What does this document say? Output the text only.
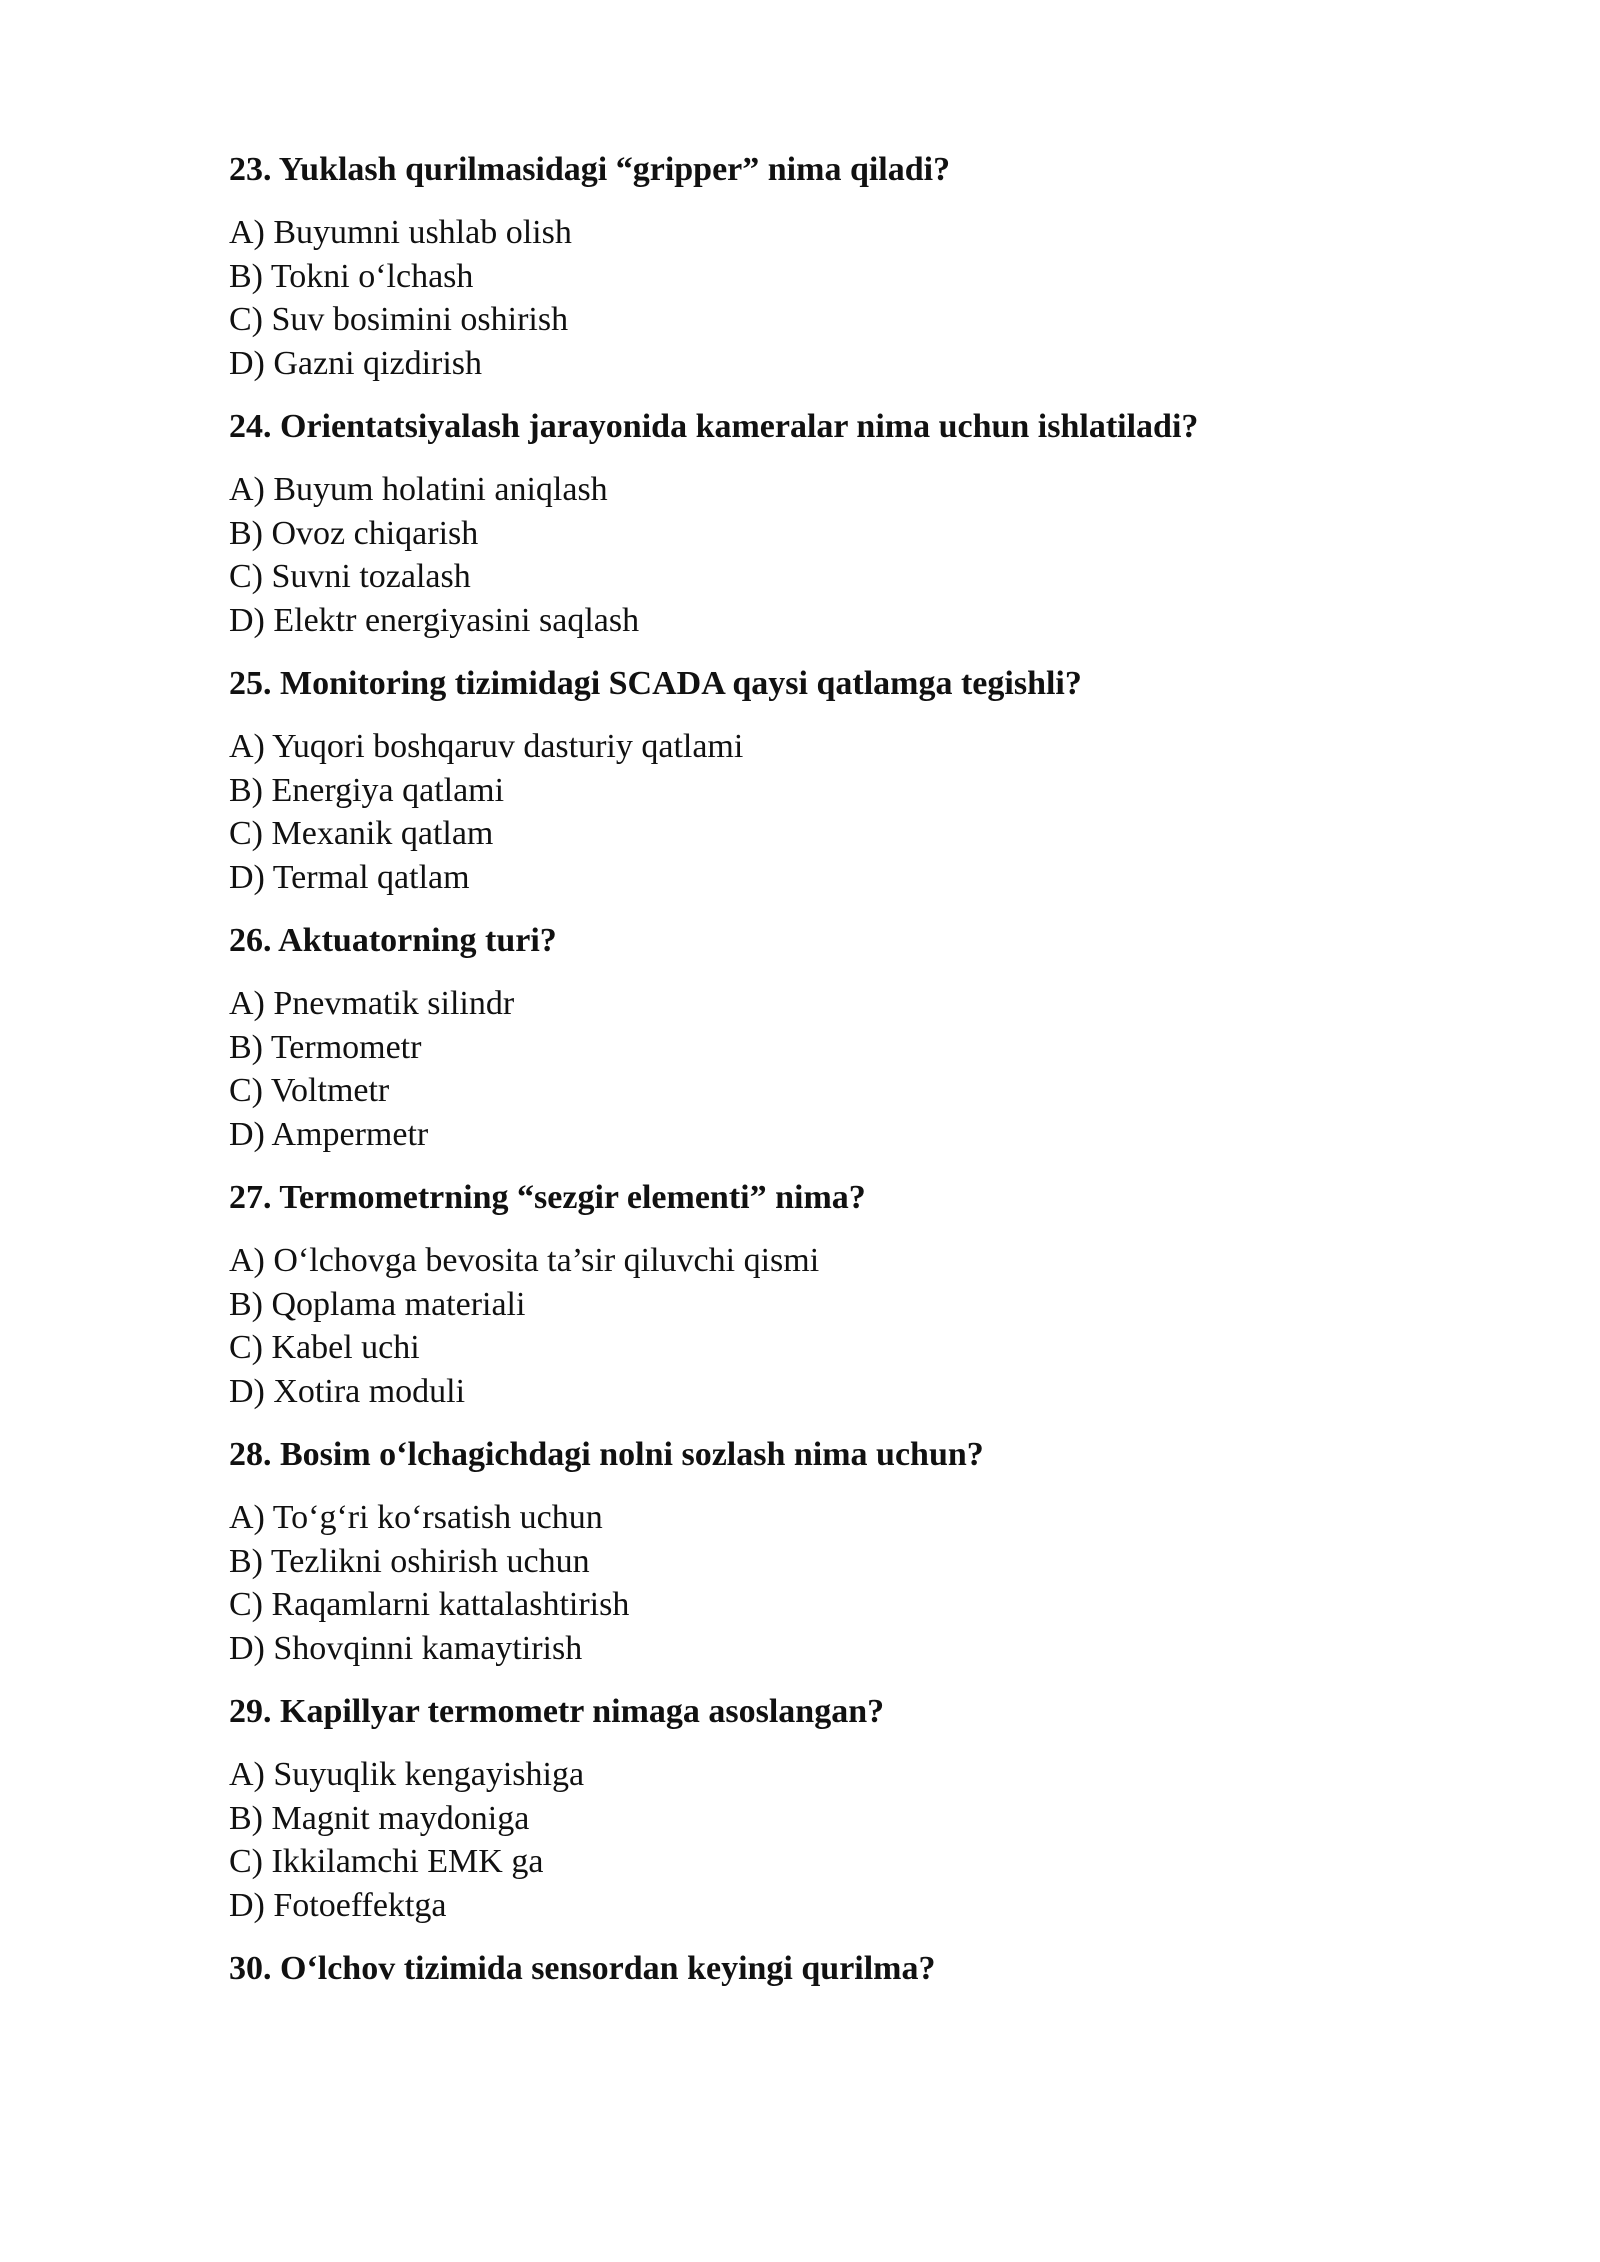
23. Yuklash qurilmasidagi “gripper” nima qiladi?
A) Buyumni ushlab olish
B) Tokni o‘lchash
C) Suv bosimini oshirish
D) Gazni qizdirish
24. Orientatsiyalash jarayonida kameralar nima uchun ishlatiladi?
A) Buyum holatini aniqlash
B) Ovoz chiqarish
C) Suvni tozalash
D) Elektr energiyasini saqlash
25. Monitoring tizimidagi SCADA qaysi qatlamga tegishli?
A) Yuqori boshqaruv dasturiy qatlami
B) Energiya qatlami
C) Mexanik qatlam
D) Termal qatlam
26. Aktuatorning turi?
A) Pnevmatik silindr
B) Termometr
C) Voltmetr
D) Ampermetr
27. Termometrning “sezgir elementi” nima?
A) O‘lchovga bevosita ta’sir qiluvchi qismi
B) Qoplama materiali
C) Kabel uchi
D) Xotira moduli
28. Bosim o‘lchagichdagi nolni sozlash nima uchun?
A) To‘g‘ri ko‘rsatish uchun
B) Tezlikni oshirish uchun
C) Raqamlarni kattalashtirish
D) Shovqinni kamaytirish
29. Kapillyar termometr nimaga asoslangan?
A) Suyuqlik kengayishiga
B) Magnit maydoniga
C) Ikkilamchi EMK ga
D) Fotoeffektga
30. O‘lchov tizimida sensordan keyingi qurilma?
